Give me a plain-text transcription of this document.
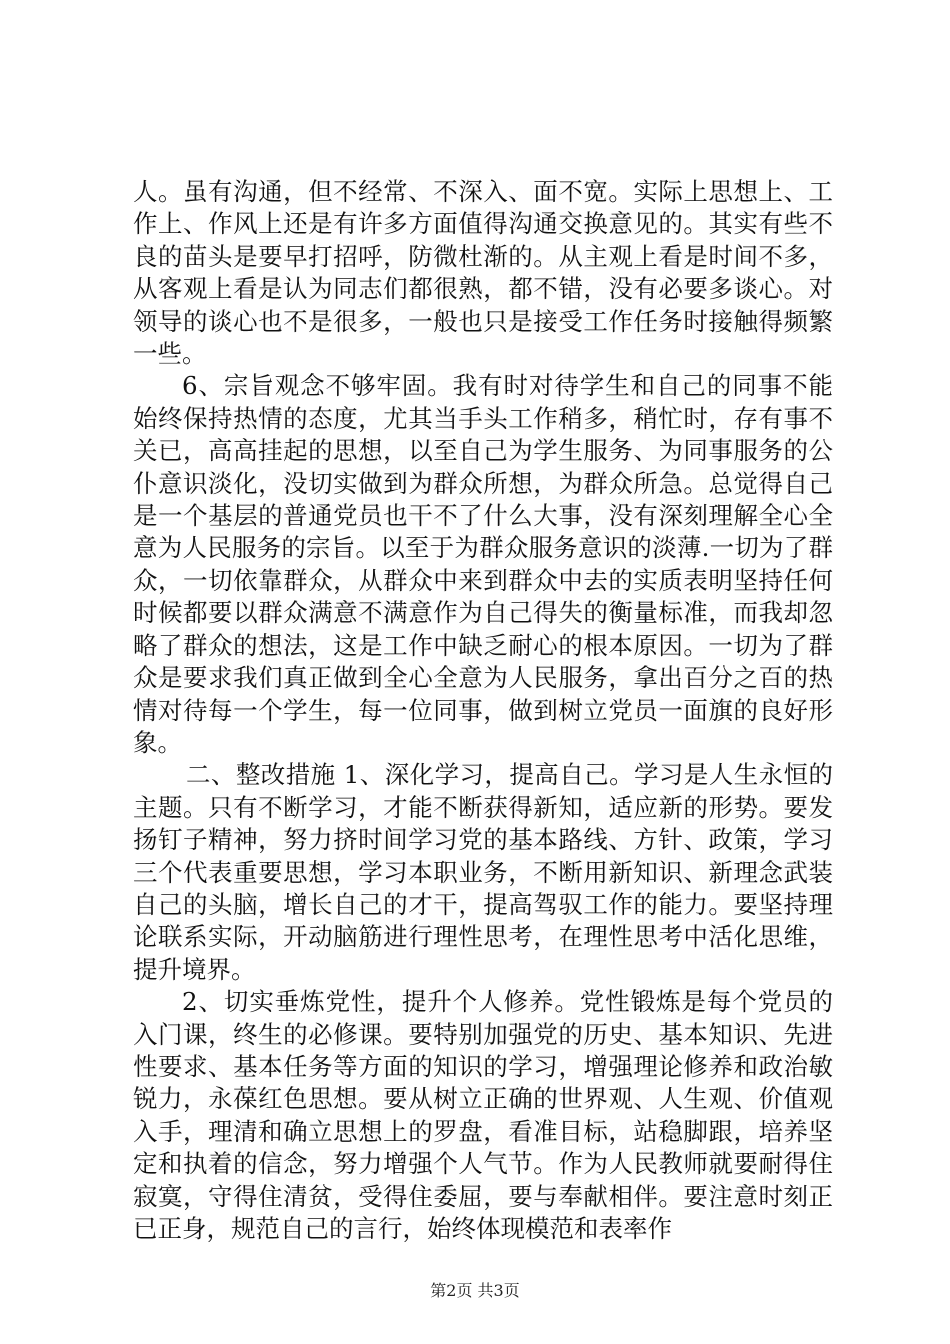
人。虽有沟通，但不经常、不深入、面不宽。实际上思想上、工作上、作风上还是有许多方面值得沟通交换意见的。其实有些不良的苗头是要早打招呼，防微杜渐的。从主观上看是时间不多，从客观上看是认为同志们都很熟，都不错，没有必要多谈心。对领导的谈心也不是很多，一般也只是接受工作任务时接触得频繁一些。

6、宗旨观念不够牢固。我有时对待学生和自己的同事不能始终保持热情的态度，尤其当手头工作稍多，稍忙时，存有事不关已，高高挂起的思想，以至自己为学生服务、为同事服务的公仆意识淡化，没切实做到为群众所想，为群众所急。总觉得自己是一个基层的普通党员也干不了什么大事，没有深刻理解全心全意为人民服务的宗旨。以至于为群众服务意识的淡薄.一切为了群众，一切依靠群众，从群众中来到群众中去的实质表明坚持任何时候都要以群众满意不满意作为自己得失的衡量标准，而我却忽略了群众的想法，这是工作中缺乏耐心的根本原因。一切为了群众是要求我们真正做到全心全意为人民服务，拿出百分之百的热情对待每一个学生，每一位同事，做到树立党员一面旗的良好形象。

二、整改措施 1、深化学习，提高自己。学习是人生永恒的主题。只有不断学习，才能不断获得新知，适应新的形势。要发扬钉子精神，努力挤时间学习党的基本路线、方针、政策，学习三个代表重要思想，学习本职业务，不断用新知识、新理念武装自己的头脑，增长自己的才干，提高驾驭工作的能力。要坚持理论联系实际，开动脑筋进行理性思考，在理性思考中活化思维，提升境界。

2、切实垂炼党性，提升个人修养。党性锻炼是每个党员的入门课，终生的必修课。要特别加强党的历史、基本知识、先进性要求、基本任务等方面的知识的学习，增强理论修养和政治敏锐力，永葆红色思想。要从树立正确的世界观、人生观、价值观入手，理清和确立思想上的罗盘，看准目标，站稳脚跟，培养坚定和执着的信念，努力增强个人气节。作为人民教师就要耐得住寂寞，守得住清贫，受得住委屈，要与奉献相伴。要注意时刻正已正身，规范自己的言行，始终体现模范和表率作

第2页 共3页
